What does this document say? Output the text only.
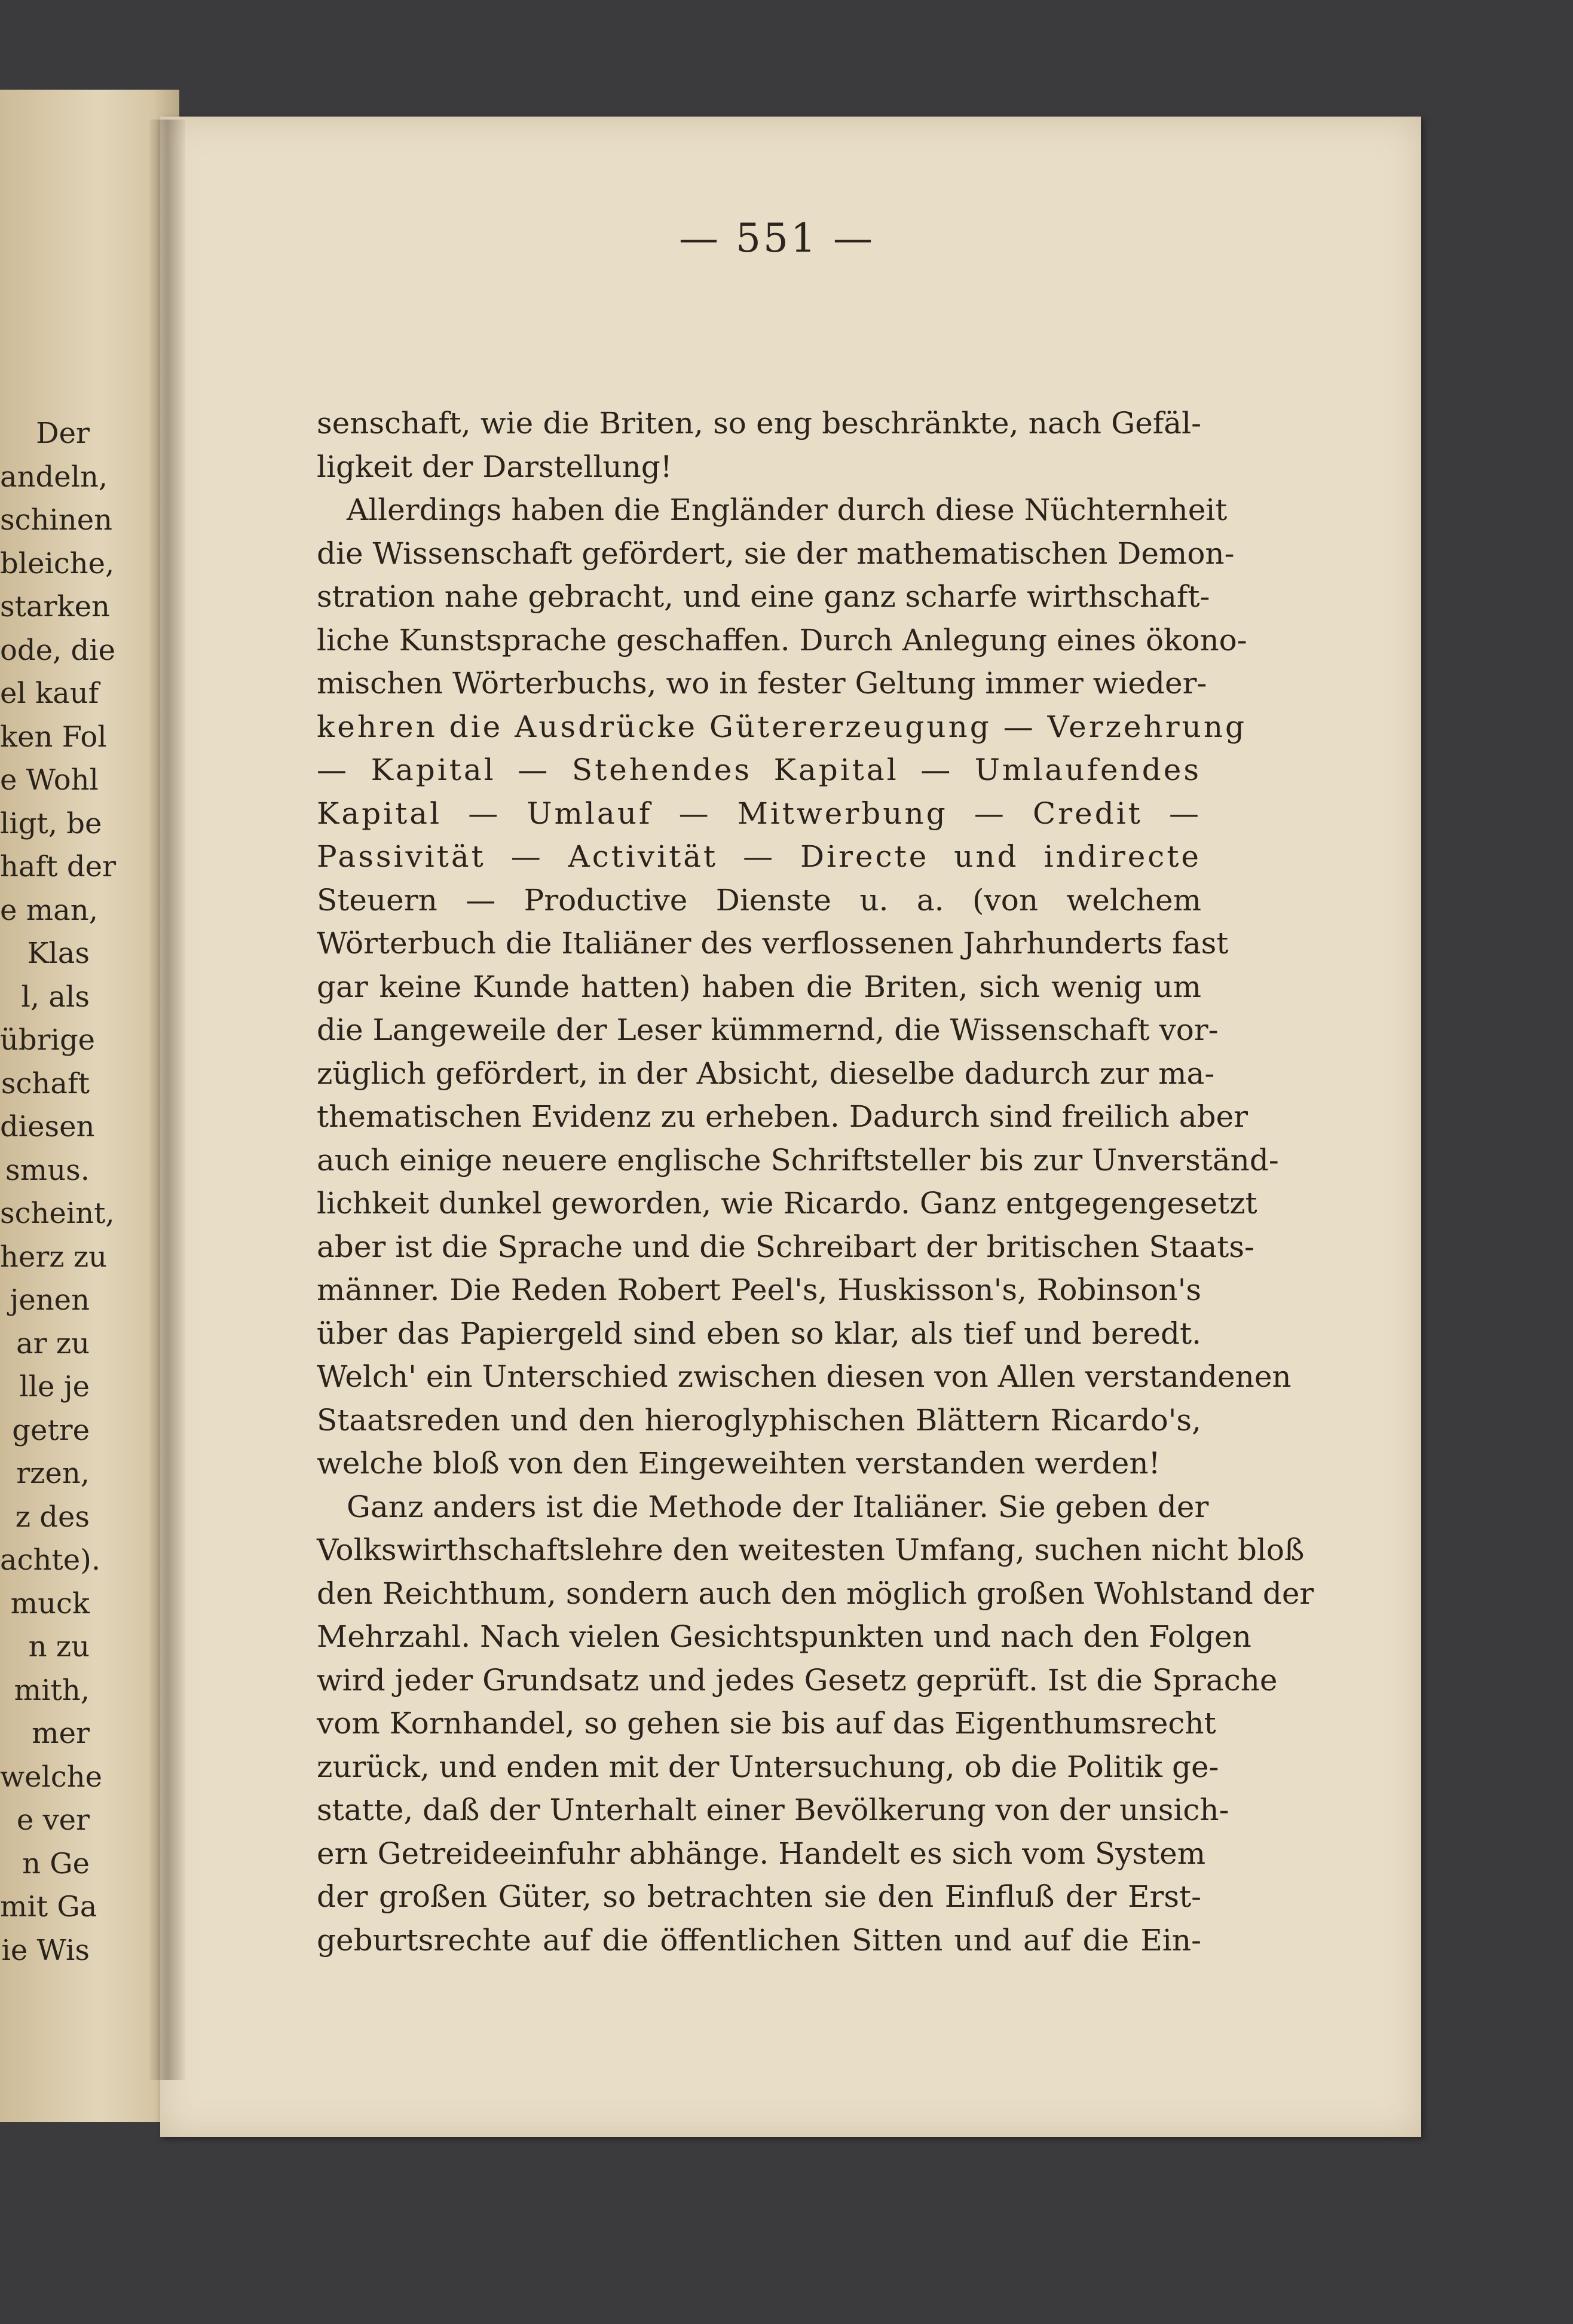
Der
andeln,
schinen
bleiche,
starken
ode, die
el kauf
ken Fol
e Wohl
ligt, be
haft der
e man,
Klas
l, als
übrige
schaft
diesen
smus.
scheint,
herz zu
jenen
ar zu
lle je
getre
rzen,
z des
achte).
muck
n zu
mith,
mer
welche
e ver
n Ge
mit Ga
ie Wis
— 551 —
senschaft, wie die Briten, so eng beschränkte, nach Gefäl-
ligkeit der Darstellung!
Allerdings haben die Engländer durch diese Nüchternheit
die Wissenschaft gefördert, sie der mathematischen Demon-
stration nahe gebracht, und eine ganz scharfe wirthschaft-
liche Kunstsprache geschaffen. Durch Anlegung eines ökono-
mischen Wörterbuchs, wo in fester Geltung immer wieder-
kehren die Ausdrücke Gütererzeugung — Verzehrung
— Kapital — Stehendes Kapital — Umlaufendes
Kapital — Umlauf — Mitwerbung — Credit —
Passivität — Activität — Directe und indirecte
Steuern — Productive Dienste u. a. (von welchem
Wörterbuch die Italiäner des verflossenen Jahrhunderts fast
gar keine Kunde hatten) haben die Briten, sich wenig um
die Langeweile der Leser kümmernd, die Wissenschaft vor-
züglich gefördert, in der Absicht, dieselbe dadurch zur ma-
thematischen Evidenz zu erheben. Dadurch sind freilich aber
auch einige neuere englische Schriftsteller bis zur Unverständ-
lichkeit dunkel geworden, wie Ricardo. Ganz entgegengesetzt
aber ist die Sprache und die Schreibart der britischen Staats-
männer. Die Reden Robert Peel's, Huskisson's, Robinson's
über das Papiergeld sind eben so klar, als tief und beredt.
Welch' ein Unterschied zwischen diesen von Allen verstandenen
Staatsreden und den hieroglyphischen Blättern Ricardo's,
welche bloß von den Eingeweihten verstanden werden!
Ganz anders ist die Methode der Italiäner. Sie geben der
Volkswirthschaftslehre den weitesten Umfang, suchen nicht bloß
den Reichthum, sondern auch den möglich großen Wohlstand der
Mehrzahl. Nach vielen Gesichtspunkten und nach den Folgen
wird jeder Grundsatz und jedes Gesetz geprüft. Ist die Sprache
vom Kornhandel, so gehen sie bis auf das Eigenthumsrecht
zurück, und enden mit der Untersuchung, ob die Politik ge-
statte, daß der Unterhalt einer Bevölkerung von der unsich-
ern Getreideeinfuhr abhänge. Handelt es sich vom System
der großen Güter, so betrachten sie den Einfluß der Erst-
geburtsrechte auf die öffentlichen Sitten und auf die Ein-
